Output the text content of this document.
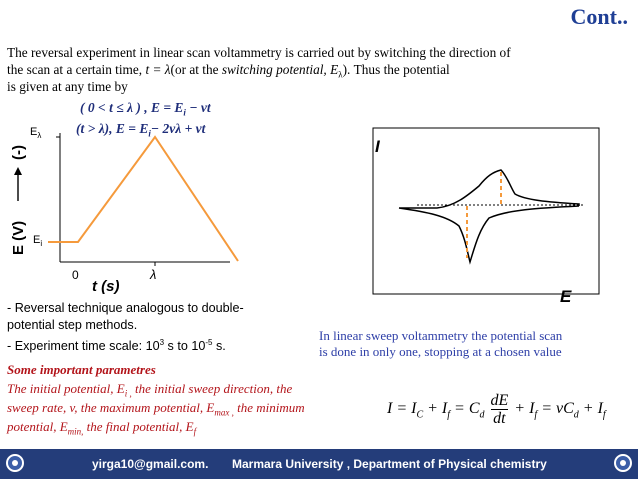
Cont..
The reversal experiment in linear scan voltammetry is carried out by switching the direction of
the scan at a certain time, t = λ(or at the switching potential, $E_\lambda$). Thus the potential
is given at any time by
( 0 < t ≤ λ ) , $E = E_i$ − vt
(t > λ), $E = E_i- 2v\lambda$ + vt
$E_\lambda$
$E_i$
0	λ
t (s)
E (V)
(-)	I
E
- Reversal technique analogous to double-
potential step methods.
- Experiment time scale: $10^3$ s to $10^{-5}$ s.
In linear sweep voltammetry the potential scan
is done in only one, stopping at a chosen value
Some important parametres
The initial potential, $E_{i ,}$ the initial sweep direction, the
sweep rate, v, the maximum potential, $E_{max ,}$ the minimum
potential, $E_{min,}$ the final potential, $E_f$
$I = I_C + I_f = C_d \frac{dE}{dt} + I_f = vC_d + I_f$
yirga10@gmail.com. Marmara University , Department of Physical chemistry
